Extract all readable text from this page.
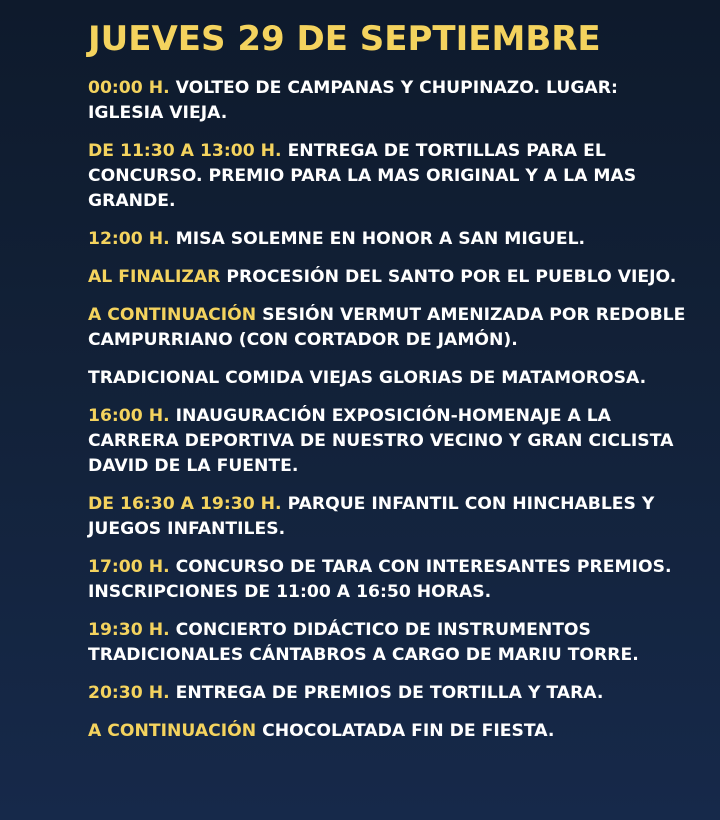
JUEVES 29 DE SEPTIEMBRE

00:00 H. VOLTEO DE CAMPANAS Y CHUPINAZO. LUGAR: IGLESIA VIEJA.

DE 11:30 A 13:00 H. ENTREGA DE TORTILLAS PARA EL CONCURSO. PREMIO PARA LA MAS ORIGINAL Y A LA MAS GRANDE.

12:00 H. MISA SOLEMNE EN HONOR A SAN MIGUEL.

AL FINALIZAR PROCESIÓN DEL SANTO POR EL PUEBLO VIEJO.

A CONTINUACIÓN SESIÓN VERMUT AMENIZADA POR REDOBLE CAMPURRIANO (CON CORTADOR DE JAMÓN).

TRADICIONAL COMIDA VIEJAS GLORIAS DE MATAMOROSA.

16:00 H. INAUGURACIÓN EXPOSICIÓN-HOMENAJE A LA CARRERA DEPORTIVA DE NUESTRO VECINO Y GRAN CICLISTA DAVID DE LA FUENTE.

DE 16:30 A 19:30 H. PARQUE INFANTIL CON HINCHABLES Y JUEGOS INFANTILES.

17:00 H. CONCURSO DE TARA CON INTERESANTES PREMIOS. INSCRIPCIONES DE 11:00 A 16:50 HORAS.

19:30 H. CONCIERTO DIDÁCTICO DE INSTRUMENTOS TRADICIONALES CÁNTABROS A CARGO DE MARIU TORRE.

20:30 H. ENTREGA DE PREMIOS DE TORTILLA Y TARA.

A CONTINUACIÓN CHOCOLATADA FIN DE FIESTA.
